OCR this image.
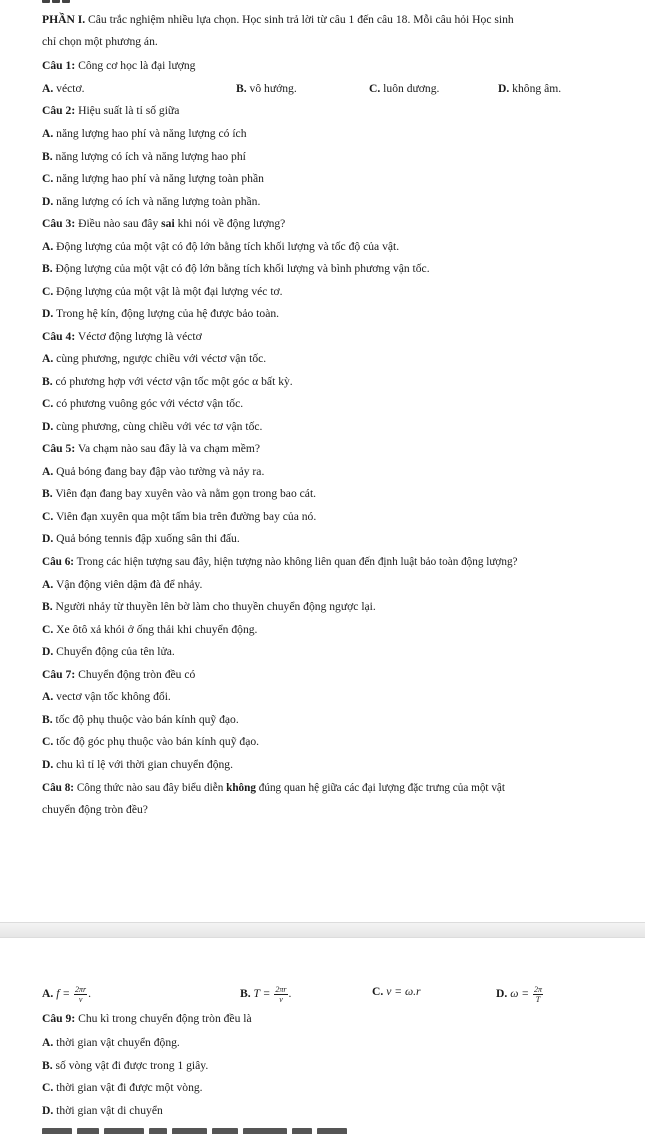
PHẦN I. Câu trắc nghiệm nhiều lựa chọn. Học sinh trả lời từ câu 1 đến câu 18. Mỗi câu hỏi Học sinh
chỉ chọn một phương án.
Câu 1: Công cơ học là đại lượng
A. véctơ.	B. vô hướng.	C. luôn dương.	D. không âm.
Câu 2: Hiệu suất là tỉ số giữa
A. năng lượng hao phí và năng lượng có ích
B. năng lượng có ích và năng lượng hao phí
C. năng lượng hao phí và năng lượng toàn phần
D. năng lượng có ích và năng lượng toàn phần.
Câu 3: Điều nào sau đây sai khi nói về động lượng?
A. Động lượng của một vật có độ lớn bằng tích khối lượng và tốc độ của vật.
B. Động lượng của một vật có độ lớn bằng tích khối lượng và bình phương vận tốc.
C. Động lượng của một vật là một đại lượng véc tơ.
D. Trong hệ kín, động lượng của hệ được bảo toàn.
Câu 4: Véctơ động lượng là véctơ
A. cùng phương, ngược chiều với véctơ vận tốc.
B. có phương hợp với véctơ vận tốc một góc α bất kỳ.
C. có phương vuông góc với véctơ vận tốc.
D. cùng phương, cùng chiều với véc tơ vận tốc.
Câu 5: Va chạm nào sau đây là va chạm mềm?
A. Quả bóng đang bay đập vào tường và nảy ra.
B. Viên đạn đang bay xuyên vào và nằm gọn trong bao cát.
C. Viên đạn xuyên qua một tấm bia trên đường bay của nó.
D. Quả bóng tennis đập xuống sân thi đấu.
Câu 6: Trong các hiện tượng sau đây, hiện tượng nào không liên quan đến định luật bảo toàn động lượng?
A. Vận động viên dậm đà để nhảy.
B. Người nhảy từ thuyền lên bờ làm cho thuyền chuyển động ngược lại.
C. Xe ôtô xả khói ở ống thải khi chuyển động.
D. Chuyển động của tên lửa.
Câu 7: Chuyển động tròn đều có
A. vectơ vận tốc không đổi.
B. tốc độ phụ thuộc vào bán kính quỹ đạo.
C. tốc độ góc phụ thuộc vào bán kính quỹ đạo.
D. chu kì tỉ lệ với thời gian chuyển động.
Câu 8: Công thức nào sau đây biểu diễn không đúng quan hệ giữa các đại lượng đặc trưng của một vật
chuyển động tròn đều?
A. $f = \frac{2\pi r}{v}$ .	B. $T = \frac{2\pi r}{v}$ .	C. v = ω.r	D. $\omega = \frac{2\pi}{T}$
Câu 9: Chu kì trong chuyển động tròn đều là
A. thời gian vật chuyển động.
B. số vòng vật đi được trong 1 giây.
C. thời gian vật đi được một vòng.
D. thời gian vật di chuyển
